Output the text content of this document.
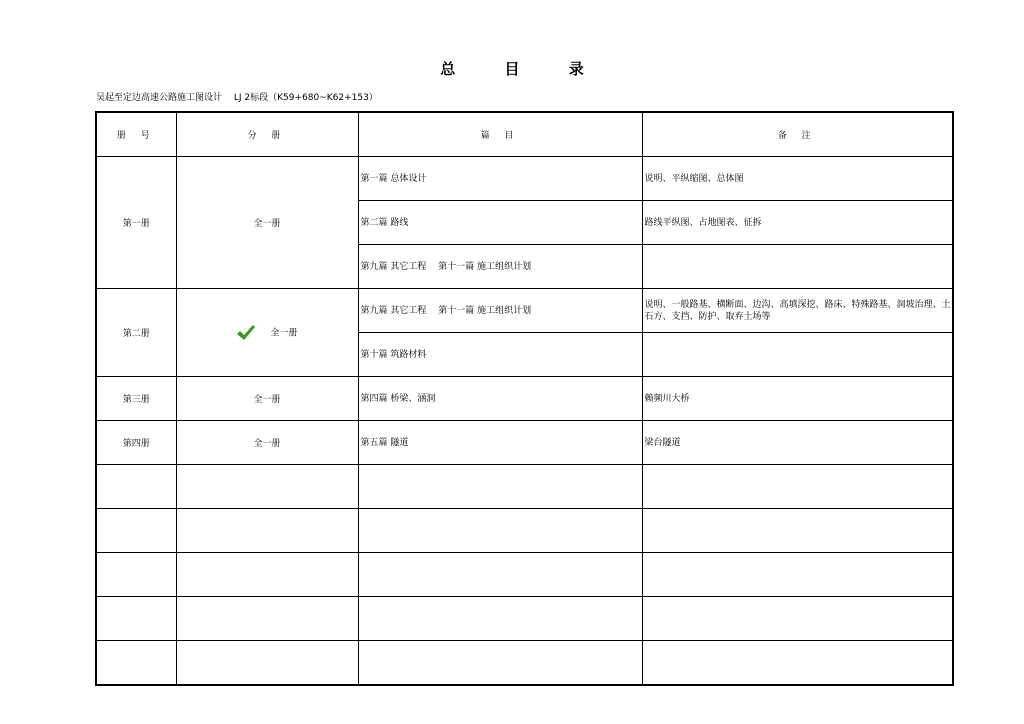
总 目 录
吴起至定边高速公路施工图设计　 LJ 2标段（K59+680~K62+153）
册 号	分 册	篇 目	备 注
第一册	全一册	第一篇 总体设计	说明、平纵缩图、总体图
		第二篇 路线	路线平纵图、占地图表、征拆
		第九篇 其它工程　 第十一篇 施工组织计划	
第二册	全一册	第九篇 其它工程　 第十一篇 施工组织计划	说明、一般路基、横断面、边沟、高填深挖、路床、特殊路基、洞坡治理、土石方、支挡、防护、取弃土场等
		第十篇 筑路材料	
第三册	全一册	第四篇 桥梁、涵洞	赖频川大桥
第四册	全一册	第五篇 隧道	梁台隧道
